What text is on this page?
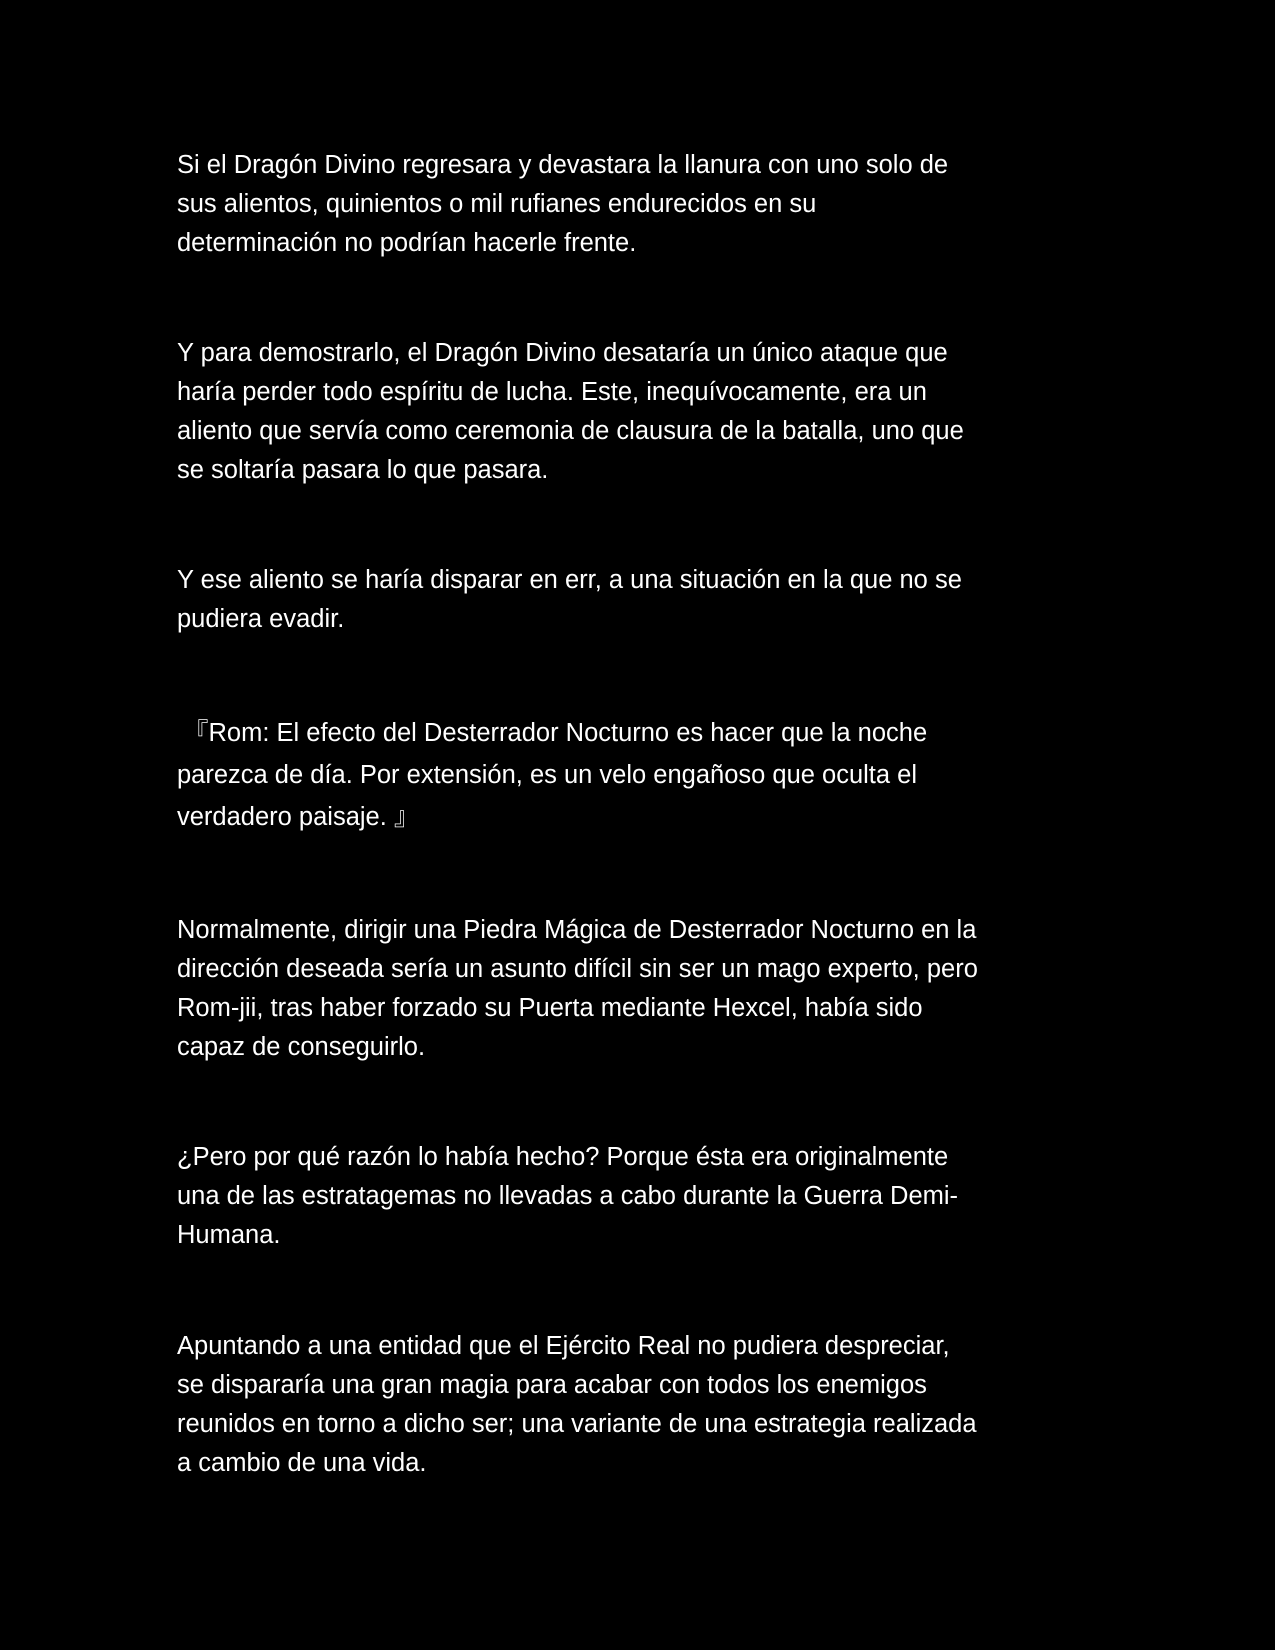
Si el Dragón Divino regresara y devastara la llanura con uno solo de
sus alientos, quinientos o mil rufianes endurecidos en su
determinación no podrían hacerle frente.

Y para demostrarlo, el Dragón Divino desataría un único ataque que
haría perder todo espíritu de lucha. Este, inequívocamente, era un
aliento que servía como ceremonia de clausura de la batalla, uno que
se soltaría pasara lo que pasara.

Y ese aliento se haría disparar en err, a una situación en la que no se
pudiera evadir.

『Rom: El efecto del Desterrador Nocturno es hacer que la noche
parezca de día. Por extensión, es un velo engañoso que oculta el
verdadero paisaje. 』

Normalmente, dirigir una Piedra Mágica de Desterrador Nocturno en la
dirección deseada sería un asunto difícil sin ser un mago experto, pero
Rom-jii, tras haber forzado su Puerta mediante Hexcel, había sido
capaz de conseguirlo.

¿Pero por qué razón lo había hecho? Porque ésta era originalmente
una de las estratagemas no llevadas a cabo durante la Guerra Demi-
Humana.

Apuntando a una entidad que el Ejército Real no pudiera despreciar,
se dispararía una gran magia para acabar con todos los enemigos
reunidos en torno a dicho ser; una variante de una estrategia realizada
a cambio de una vida.
